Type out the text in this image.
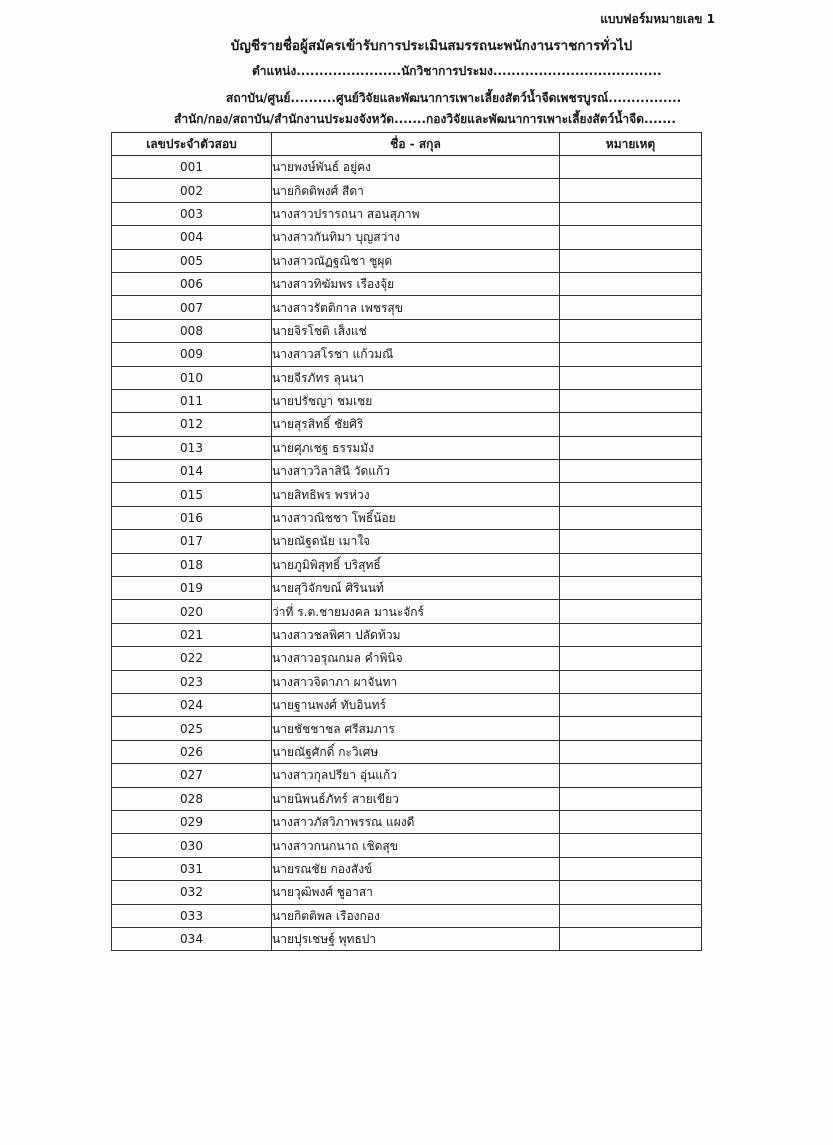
แบบฟอร์มหมายเลข 1
บัญชีรายชื่อผู้สมัครเข้ารับการประเมินสมรรถนะพนักงานราชการทั่วไป
ตำแหน่ง.......................นักวิชาการประมง.....................................
สถาบัน/ศูนย์..........ศูนย์วิจัยและพัฒนาการเพาะเลี้ยงสัตว์น้ำจืดเพชรบูรณ์................
สำนัก/กอง/สถาบัน/สำนักงานประมงจังหวัด.......กองวิจัยและพัฒนาการเพาะเลี้ยงสัตว์น้ำจืด.......
เลขประจำตัวสอบ	ชื่อ - สกุล	หมายเหตุ
001	นายพงษ์พันธ์ อยู่คง	
002	นายกิตติพงศ์ สีดา	
003	นางสาวปรารถนา สอนสุภาพ	
004	นางสาวกันทิมา บุญสว่าง	
005	นางสาวณัฏฐณิชา ชูผุด	
006	นางสาวทิฆัมพร เรืองจุ้ย	
007	นางสาวรัตติกาล เพชรสุข	
008	นายจิรโชติ เส็งแช่	
009	นางสาวสโรชา แก้วมณี	
010	นายจีรภัทร ลุนนา	
011	นายปรัชญา ชมเชย	
012	นายสุรสิทธิ์ ชัยศิริ	
013	นายศุภเชฐ ธรรมมัง	
014	นางสาววิลาสินี วัดแก้ว	
015	นายสิทธิพร พรห่วง	
016	นางสาวณิชชา โพธิ์น้อย	
017	นายณัฐดนัย เมาใจ	
018	นายภูมิพิสุทธิ์ บริสุทธิ์	
019	นายสุวิจักขณ์ ศิรินนท์	
020	ว่าที่ ร.ต.ชายมงคล มานะจักร์	
021	นางสาวชลพิศา ปลัดท้วม	
022	นางสาวอรุณกมล คำพินิจ	
023	นางสาวจิดาภา ผาจันทา	
024	นายฐานพงศ์ ทับอินทร์	
025	นายชัชชาชล ศรีสมภาร	
026	นายณัฐศักดิ์ กะวิเศษ	
027	นางสาวกุลปรียา อุ่นแก้ว	
028	นายนิพนธ์ภัทร์ สายเขียว	
029	นางสาวภัสวิภาพรรณ แผงดี	
030	นางสาวกนกนาถ เชิดสุข	
031	นายรณชัย กองสังข์	
032	นายวุฒิพงศ์ ชูอาสา	
033	นายกิตติพล เรืองกอง	
034	นายปุรเชษฐ์ พุทธปา	
